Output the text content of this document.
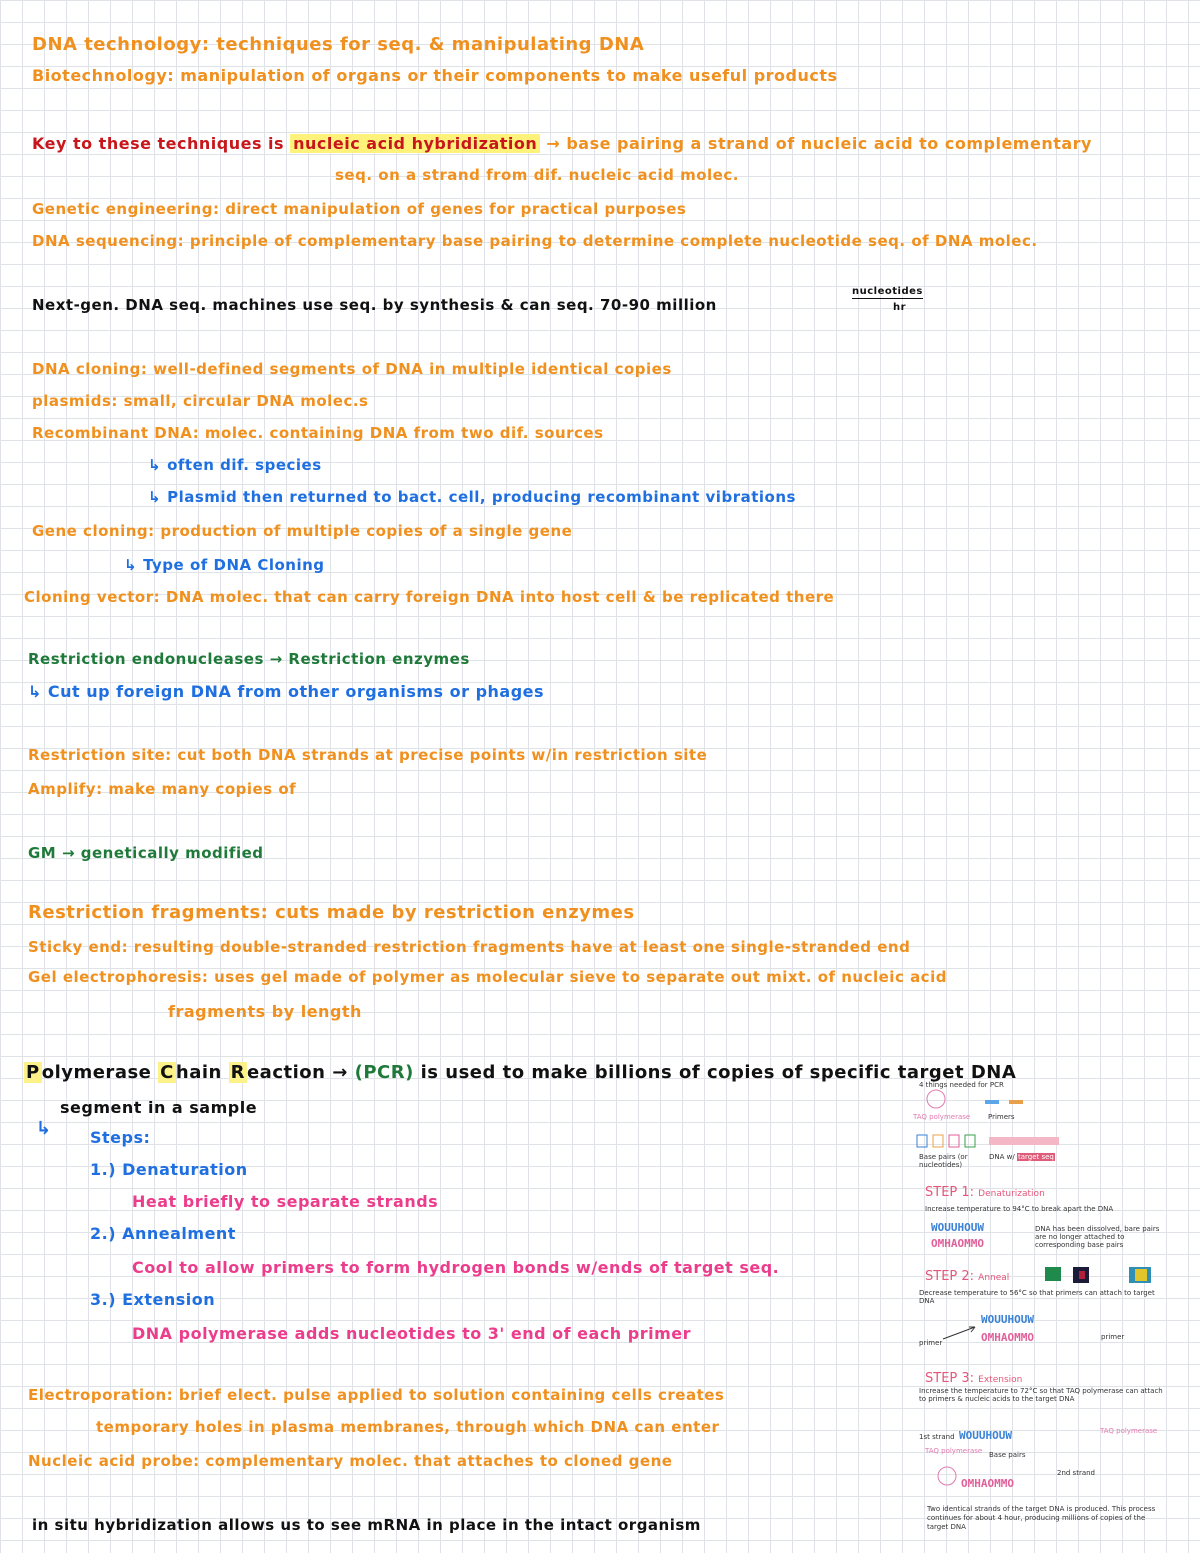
DNA technology: techniques for seq. & manipulating DNA
Biotechnology: manipulation of organs or their components to make useful products
Key to these techniques is nucleic acid hybridization → base pairing a strand of nucleic acid to complementary
seq. on a strand from dif. nucleic acid molec.
Genetic engineering: direct manipulation of genes for practical purposes
DNA sequencing: principle of complementary base pairing to determine complete nucleotide seq. of DNA molec.
Next-gen. DNA seq. machines use seq. by synthesis & can seq. 70-90 million
nucleotides
hr
DNA cloning: well-defined segments of DNA in multiple identical copies
plasmids: small, circular DNA molec.s
Recombinant DNA: molec. containing DNA from two dif. sources
↳ often dif. species
↳ Plasmid then returned to bact. cell, producing recombinant vibrations
Gene cloning: production of multiple copies of a single gene
↳ Type of DNA Cloning
Cloning vector: DNA molec. that can carry foreign DNA into host cell & be replicated there
Restriction endonucleases → Restriction enzymes
↳ Cut up foreign DNA from other organisms or phages
Restriction site: cut both DNA strands at precise points w/in restriction site
Amplify: make many copies of
GM → genetically modified
Restriction fragments: cuts made by restriction enzymes
Sticky end: resulting double-stranded restriction fragments have at least one single-stranded end
Gel electrophoresis: uses gel made of polymer as molecular sieve to separate out mixt. of nucleic acid
fragments by length
P olymerase C hain R eaction → (PCR) is used to make billions of copies of specific target DNA
segment in a sample
↳ Steps:
1.) Denaturation
Heat briefly to separate strands
2.) Annealment
Cool to allow primers to form hydrogen bonds w/ends of target seq.
3.) Extension
DNA polymerase adds nucleotides to 3' end of each primer
Electroporation: brief elect. pulse applied to solution containing cells creates
temporary holes in plasma membranes, through which DNA can enter
Nucleic acid probe: complementary molec. that attaches to cloned gene
in situ hybridization allows us to see mRNA in place in the intact organism
4 things needed for PCR
TAQ polymerase	Primers
Base pairs (or nucleotides)
DNA w/ target seq
STEP 1: Denaturization
Increase temperature to 94°C to break apart the DNA
WOUUHOUW
OMHAOMMO
DNA has been dissolved, bare pairs are no longer attached to corresponding base pairs
STEP 2: Anneal
Decrease temperature to 56°C so that primers can attach to target DNA
WOUUHOUW
OMHAOMMO
primer
primer
STEP 3: Extension
Increase the temperature to 72°C so that TAQ polymerase can attach to primers & nucleic acids to the target DNA
1st strand WOUUHOUW	TAQ polymerase
TAQ polymerase Base pairs
2nd strand
OMHAOMMO
Two identical strands of the target DNA is produced. This process continues for about 4 hour, producing millions of copies of the target DNA
